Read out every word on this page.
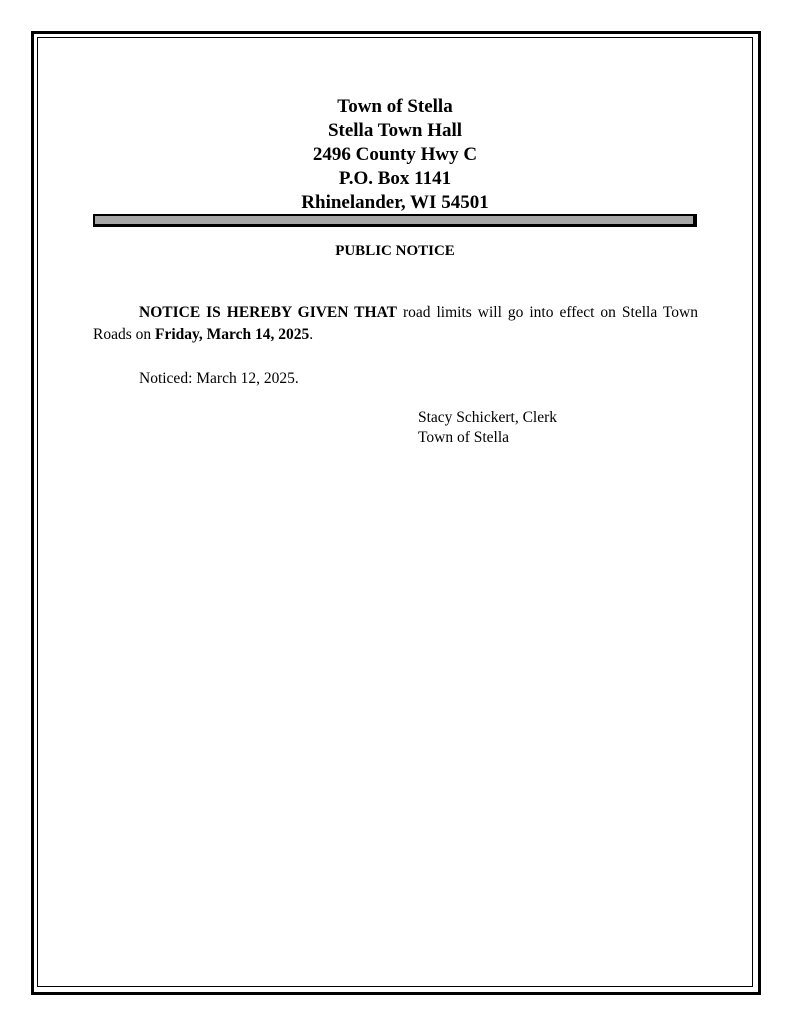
Town of Stella
Stella Town Hall
2496 County Hwy C
P.O. Box 1141
Rhinelander, WI 54501
PUBLIC NOTICE
NOTICE IS HEREBY GIVEN THAT road limits will go into effect on Stella Town Roads on Friday, March 14, 2025.
Noticed: March 12, 2025.
Stacy Schickert, Clerk
Town of Stella
